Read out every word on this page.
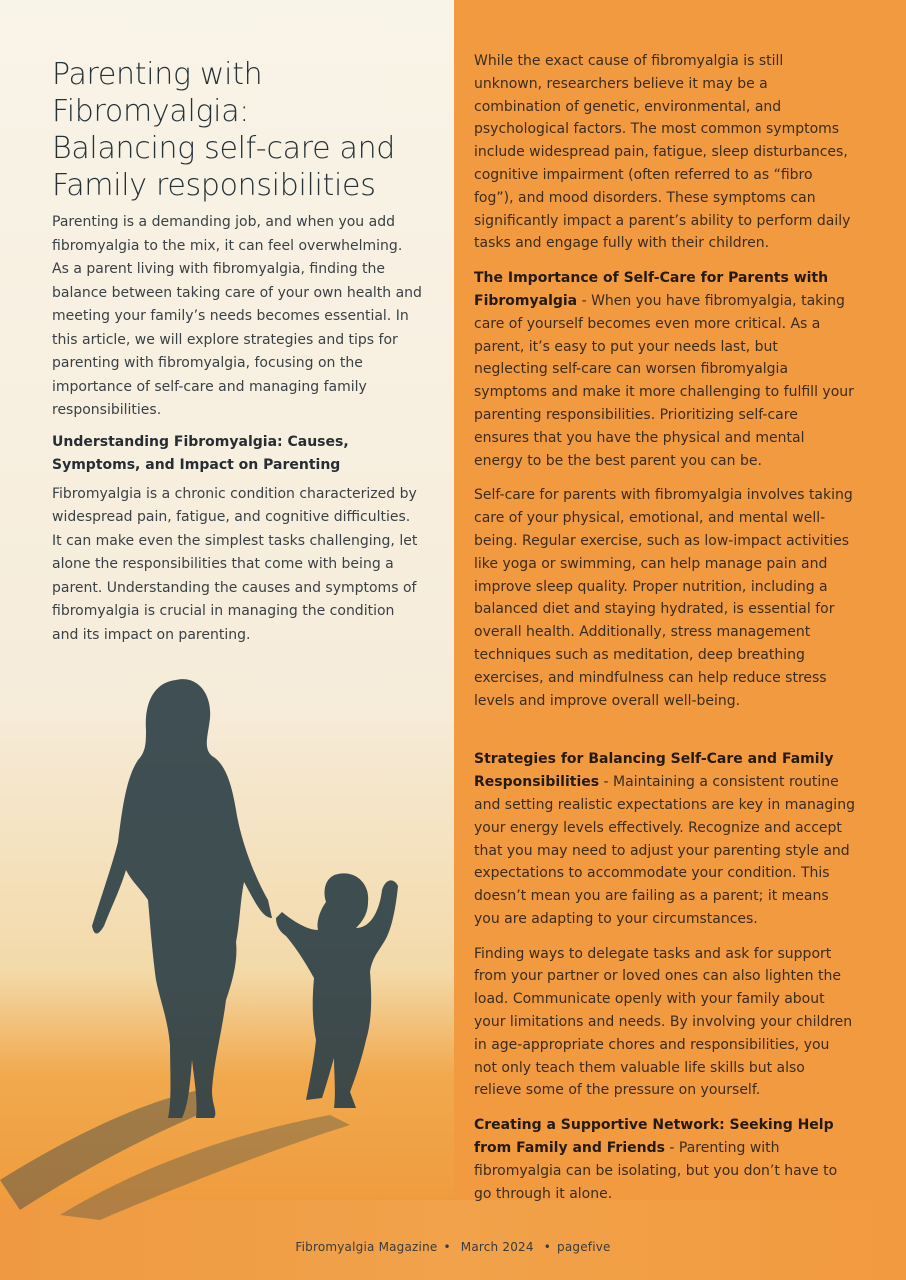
Parenting with
Fibromyalgia:
Balancing self-care and
Family responsibilities

Parenting is a demanding job, and when you add fibromyalgia to the mix, it can feel overwhelming. As a parent living with fibromyalgia, finding the balance between taking care of your own health and meeting your family’s needs becomes essential. In this article, we will explore strategies and tips for parenting with fibromyalgia, focusing on the importance of self-care and managing family responsibilities.

Understanding Fibromyalgia: Causes, Symptoms, and Impact on Parenting

Fibromyalgia is a chronic condition characterized by widespread pain, fatigue, and cognitive difficulties. It can make even the simplest tasks challenging, let alone the responsibilities that come with being a parent. Understanding the causes and symptoms of fibromyalgia is crucial in managing the condition and its impact on parenting.

While the exact cause of fibromyalgia is still unknown, researchers believe it may be a combination of genetic, environmental, and psychological factors. The most common symptoms include widespread pain, fatigue, sleep disturbances, cognitive impairment (often referred to as “fibro fog”), and mood disorders. These symptoms can significantly impact a parent’s ability to perform daily tasks and engage fully with their children.

The Importance of Self-Care for Parents with Fibromyalgia - When you have fibromyalgia, taking care of yourself becomes even more critical. As a parent, it’s easy to put your needs last, but neglecting self-care can worsen fibromyalgia symptoms and make it more challenging to fulfill your parenting responsibilities. Prioritizing self-care ensures that you have the physical and mental energy to be the best parent you can be.

Self-care for parents with fibromyalgia involves taking care of your physical, emotional, and mental well-being. Regular exercise, such as low-impact activities like yoga or swimming, can help manage pain and improve sleep quality. Proper nutrition, including a balanced diet and staying hydrated, is essential for overall health. Additionally, stress management techniques such as meditation, deep breathing exercises, and mindfulness can help reduce stress levels and improve overall well-being.

Strategies for Balancing Self-Care and Family Responsibilities - Maintaining a consistent routine and setting realistic expectations are key in managing your energy levels effectively. Recognize and accept that you may need to adjust your parenting style and expectations to accommodate your condition. This doesn’t mean you are failing as a parent; it means you are adapting to your circumstances.

Finding ways to delegate tasks and ask for support from your partner or loved ones can also lighten the load. Communicate openly with your family about your limitations and needs. By involving your children in age-appropriate chores and responsibilities, you not only teach them valuable life skills but also relieve some of the pressure on yourself.

Creating a Supportive Network: Seeking Help from Family and Friends - Parenting with fibromyalgia can be isolating, but you don’t have to go through it alone.

Fibromyalgia Magazine • March 2024 • pagefive
